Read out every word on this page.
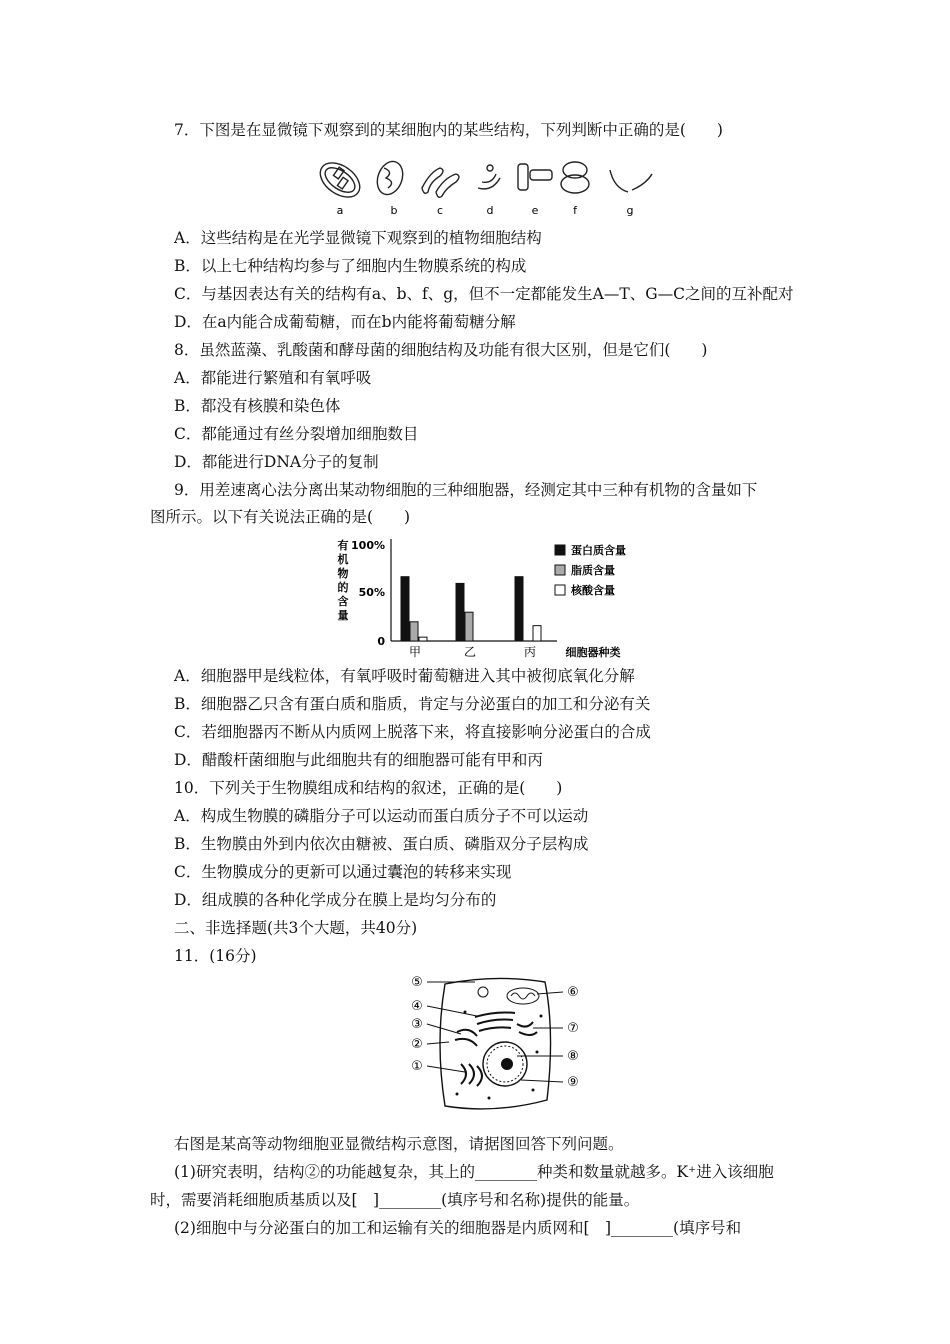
7．下图是在显微镜下观察到的某细胞内的某些结构，下列判断中正确的是(　　)
a	b	c	d	e	f	g
A．这些结构是在光学显微镜下观察到的植物细胞结构
B．以上七种结构均参与了细胞内生物膜系统的构成
C．与基因表达有关的结构有a、b、f、g，但不一定都能发生A—T、G—C之间的互补配对
D．在a内能合成葡萄糖，而在b内能将葡萄糖分解
8．虽然蓝藻、乳酸菌和酵母菌的细胞结构及功能有很大区别，但是它们(　　)
A．都能进行繁殖和有氧呼吸
B．都没有核膜和染色体
C．都能通过有丝分裂增加细胞数目
D．都能进行DNA分子的复制
9．用差速离心法分离出某动物细胞的三种细胞器，经测定其中三种有机物的含量如下
图所示。以下有关说法正确的是(　　)
有
机
物
的
含
量
100%
50%
0
甲	乙	丙	细胞器种类
蛋白质含量
脂质含量
核酸含量
A．细胞器甲是线粒体，有氧呼吸时葡萄糖进入其中被彻底氧化分解
B．细胞器乙只含有蛋白质和脂质，肯定与分泌蛋白的加工和分泌有关
C．若细胞器丙不断从内质网上脱落下来，将直接影响分泌蛋白的合成
D．醋酸杆菌细胞与此细胞共有的细胞器可能有甲和丙
10．下列关于生物膜组成和结构的叙述，正确的是(　　)
A．构成生物膜的磷脂分子可以运动而蛋白质分子不可以运动
B．生物膜由外到内依次由糖被、蛋白质、磷脂双分子层构成
C．生物膜成分的更新可以通过囊泡的转移来实现
D．组成膜的各种化学成分在膜上是均匀分布的
二、非选择题(共3个大题，共40分)
11．(16分)
⑤
④
③
②
①
⑥
⑦
⑧
⑨
右图是某高等动物细胞亚显微结构示意图，请据图回答下列问题。
(1)研究表明，结构②的功能越复杂，其上的________种类和数量就越多。K⁺进入该细胞
时，需要消耗细胞质基质以及[　]________(填序号和名称)提供的能量。
(2)细胞中与分泌蛋白的加工和运输有关的细胞器是内质网和[　]________(填序号和
